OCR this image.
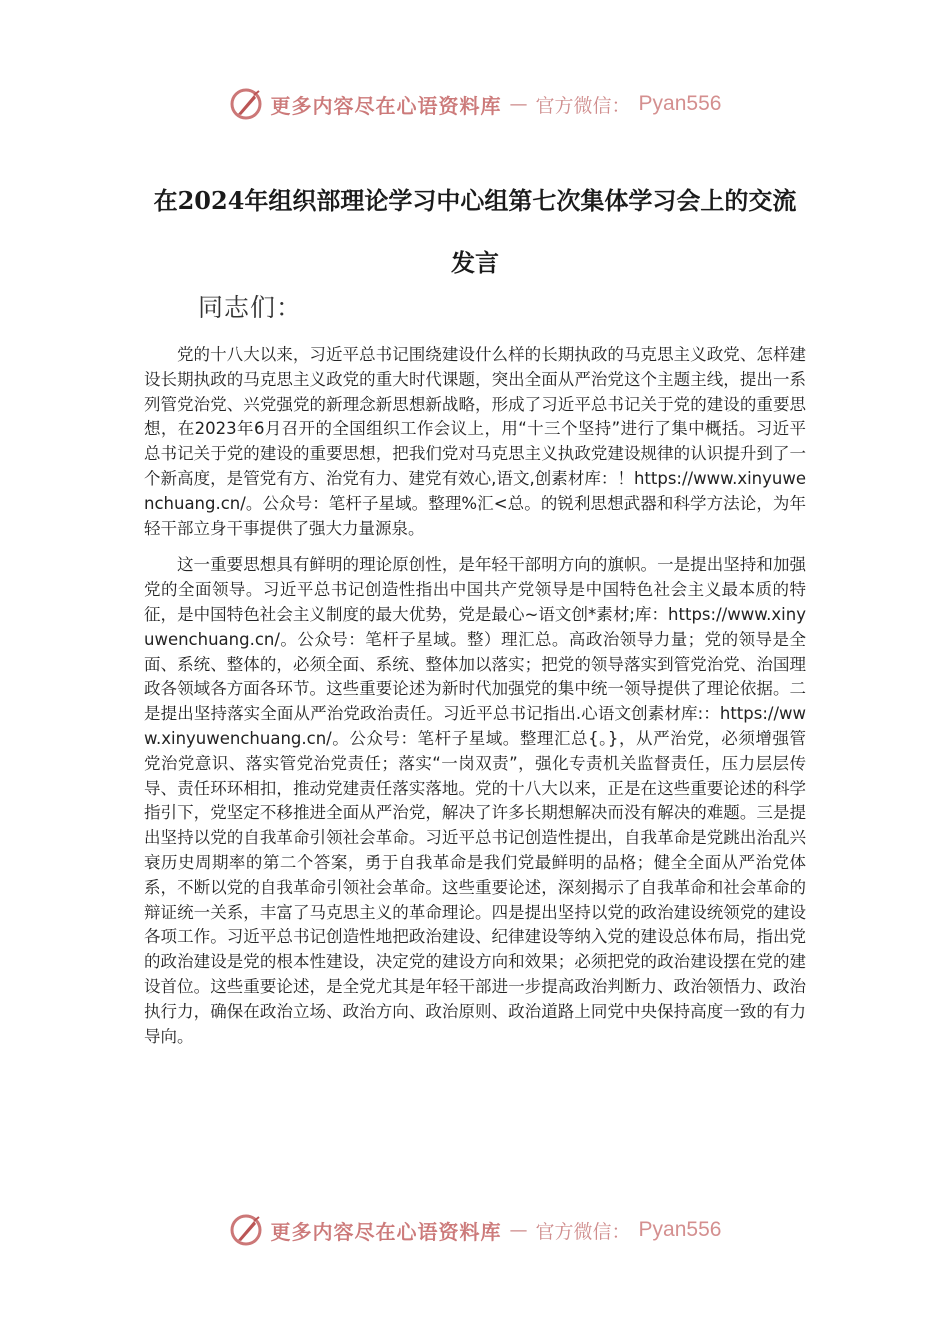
更多内容尽在心语资料库 — 官方微信： Pyan556
在2024年组织部理论学习中心组第七次集体学习会上的交流发言
同志们：

党的十八大以来，习近平总书记围绕建设什么样的长期执政的马克思主义政党、怎样建设长期执政的马克思主义政党的重大时代课题，突出全面从严治党这个主题主线，提出一系列管党治党、兴党强党的新理念新思想新战略，形成了习近平总书记关于党的建设的重要思想，在2023年6月召开的全国组织工作会议上，用“十三个坚持”进行了集中概括。习近平总书记关于党的建设的重要思想，把我们党对马克思主义执政党建设规律的认识提升到了一个新高度，是管党有方、治党有力、建党有效心,语文,创素材库：！https://www.xinyuwenchuang.cn/。公众号：笔杆子星域。整理%汇<总。的锐利思想武器和科学方法论，为年轻干部立身干事提供了强大力量源泉。

这一重要思想具有鲜明的理论原创性，是年轻干部明方向的旗帜。一是提出坚持和加强党的全面领导。习近平总书记创造性指出中国共产党领导是中国特色社会主义最本质的特征，是中国特色社会主义制度的最大优势，党是最心~语文创*素材;库：https://www.xinyuwenchuang.cn/。公众号：笔杆子星域。整）理汇总。高政治领导力量；党的领导是全面、系统、整体的，必须全面、系统、整体加以落实；把党的领导落实到管党治党、治国理政各领域各方面各环节。这些重要论述为新时代加强党的集中统一领导提供了理论依据。二是提出坚持落实全面从严治党政治责任。习近平总书记指出.心语文创素材库:：https://www.xinyuwenchuang.cn/。公众号：笔杆子星域。整理汇总{。}，从严治党，必须增强管党治党意识、落实管党治党责任；落实“一岗双责”，强化专责机关监督责任，压力层层传导、责任环环相扣，推动党建责任落实落地。党的十八大以来，正是在这些重要论述的科学指引下，党坚定不移推进全面从严治党，解决了许多长期想解决而没有解决的难题。三是提出坚持以党的自我革命引领社会革命。习近平总书记创造性提出，自我革命是党跳出治乱兴衰历史周期率的第二个答案，勇于自我革命是我们党最鲜明的品格；健全全面从严治党体系，不断以党的自我革命引领社会革命。这些重要论述，深刻揭示了自我革命和社会革命的辩证统一关系，丰富了马克思主义的革命理论。四是提出坚持以党的政治建设统领党的建设各项工作。习近平总书记创造性地把政治建设、纪律建设等纳入党的建设总体布局，指出党的政治建设是党的根本性建设，决定党的建设方向和效果；必须把党的政治建设摆在党的建设首位。这些重要论述，是全党尤其是年轻干部进一步提高政治判断力、政治领悟力、政治执行力，确保在政治立场、政治方向、政治原则、政治道路上同党中央保持高度一致的有力导向。

更多内容尽在心语资料库 — 官方微信： Pyan556
